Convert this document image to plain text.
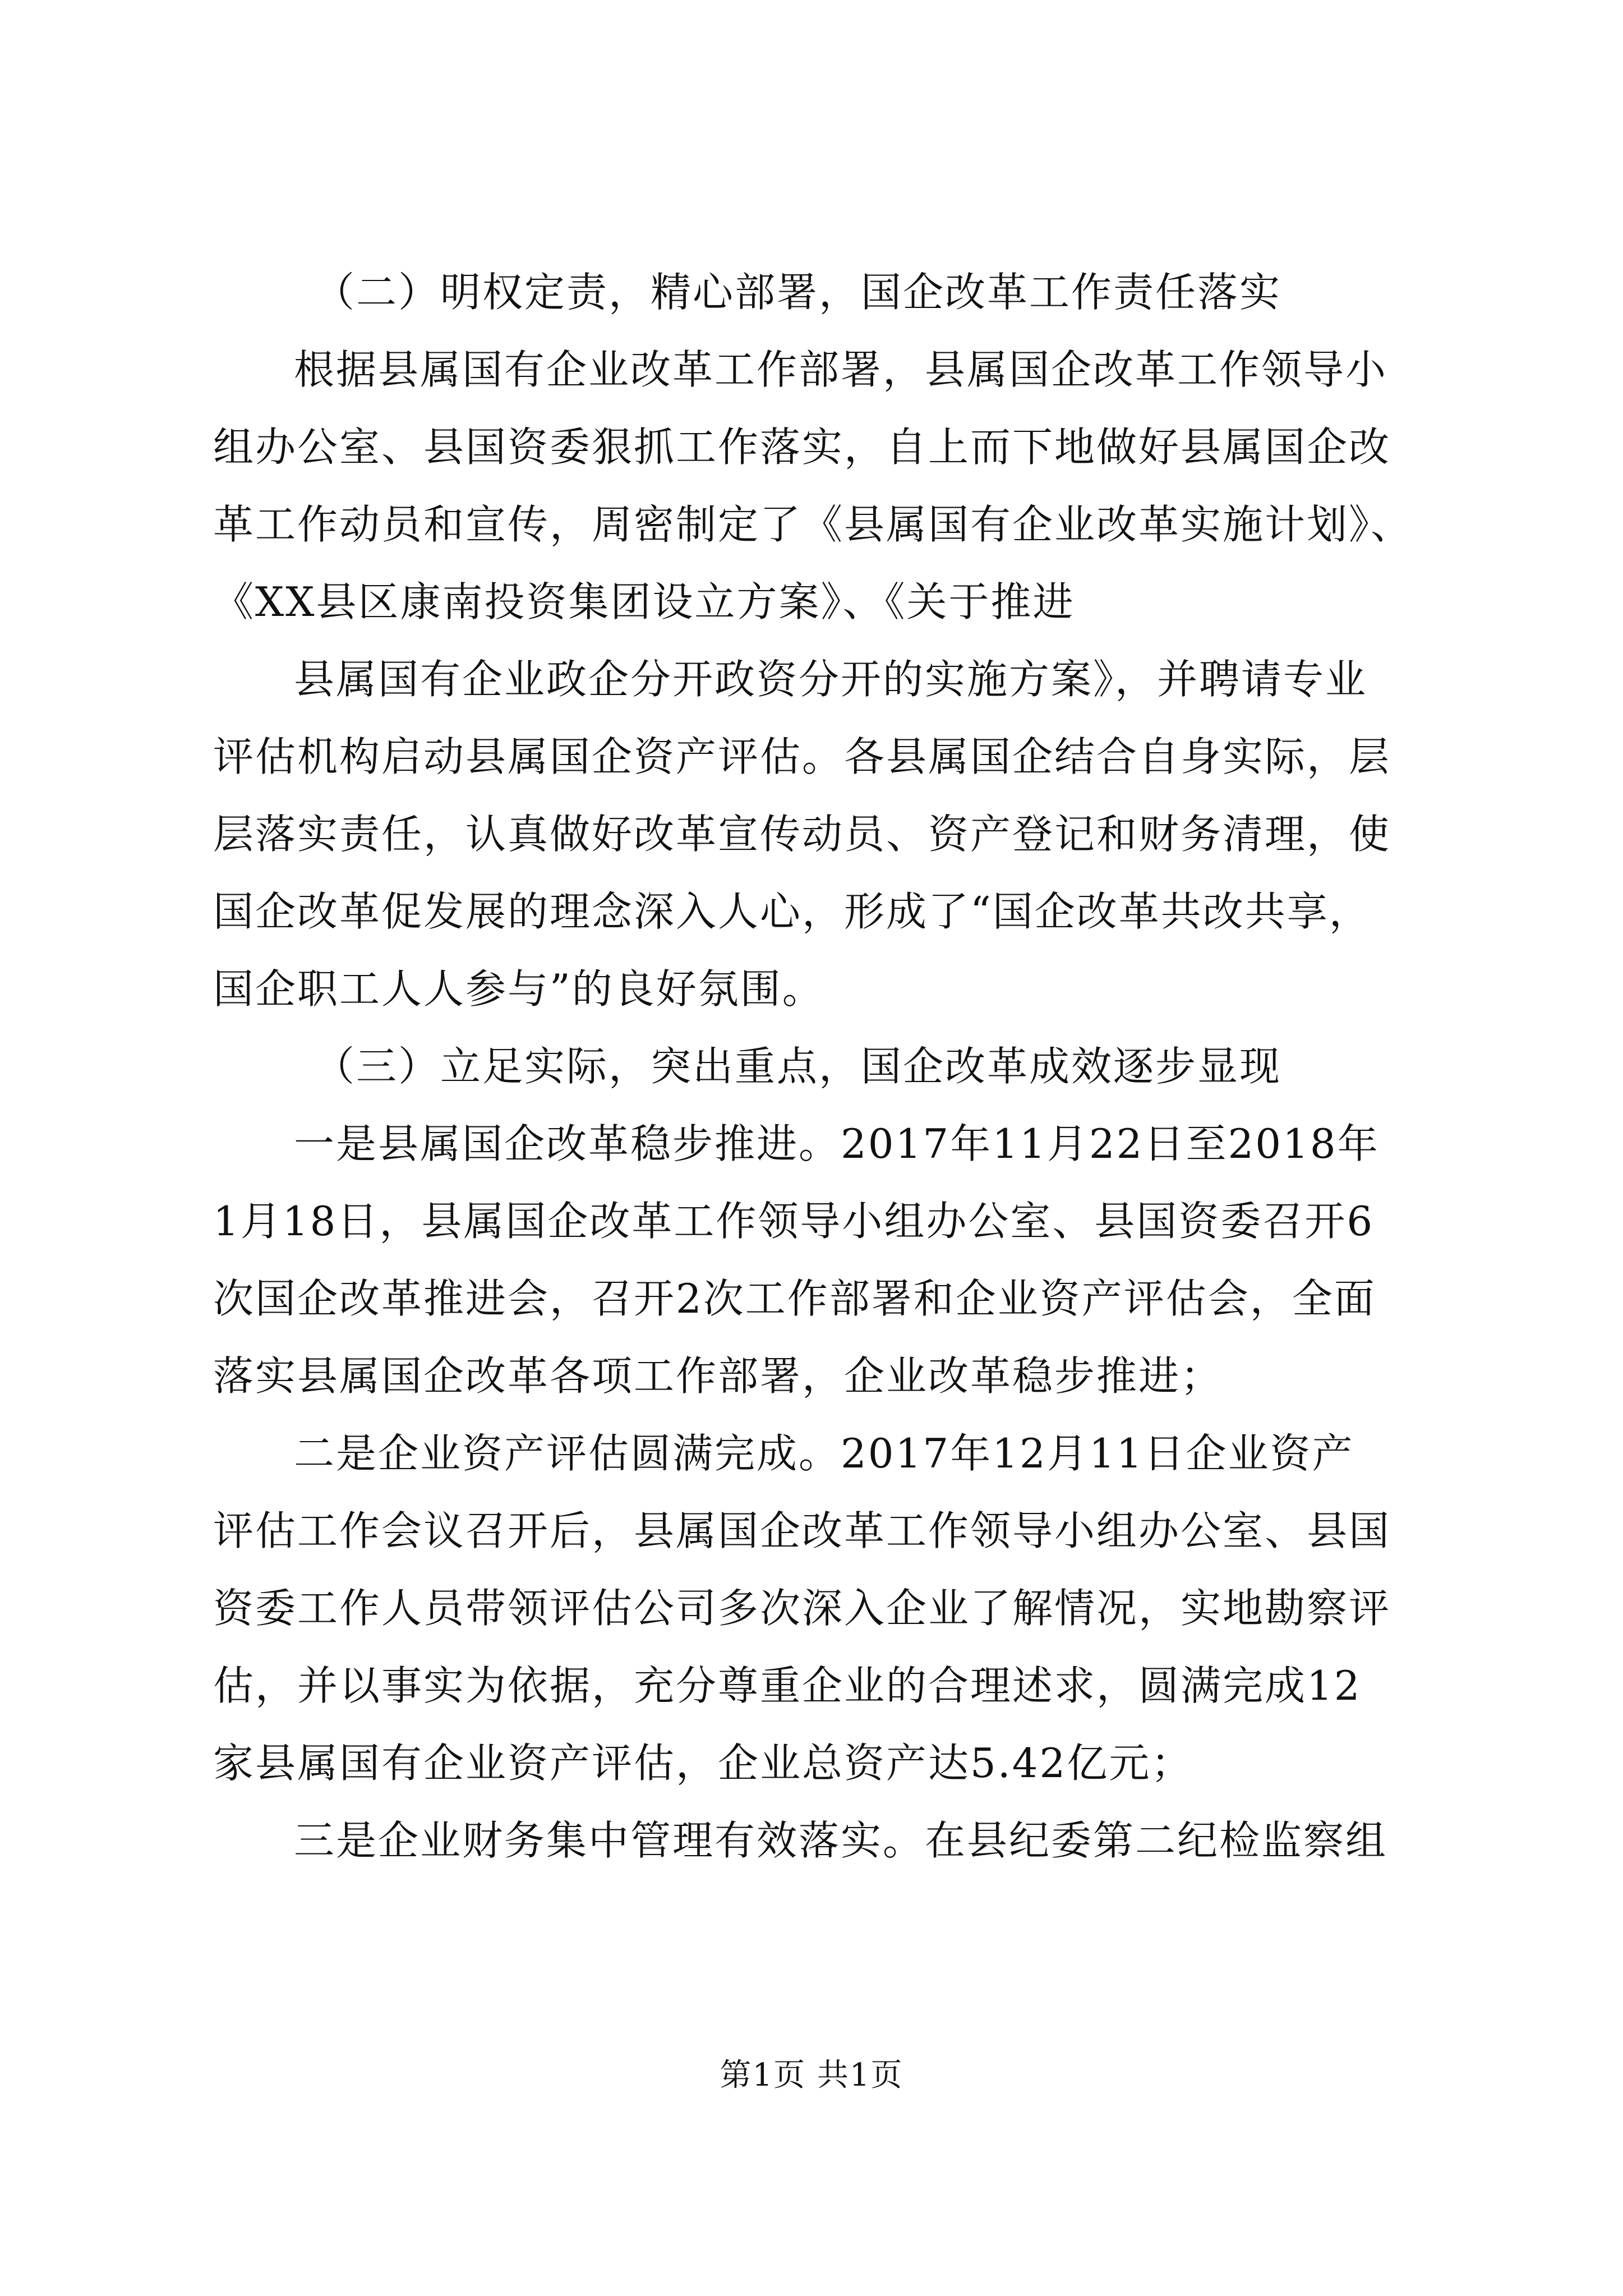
（二）明权定责，精心部署，国企改革工作责任落实
根据县属国有企业改革工作部署，县属国企改革工作领导小
组办公室、县国资委狠抓工作落实，自上而下地做好县属国企改
革工作动员和宣传，周密制定了《县属国有企业改革实施计划》、
《XX县区康南投资集团设立方案》、《关于推进
县属国有企业政企分开政资分开的实施方案》，并聘请专业
评估机构启动县属国企资产评估。各县属国企结合自身实际，层
层落实责任，认真做好改革宣传动员、资产登记和财务清理，使
国企改革促发展的理念深入人心，形成了“国企改革共改共享，
国企职工人人参与”的良好氛围。
（三）立足实际，突出重点，国企改革成效逐步显现
一是县属国企改革稳步推进。2017年11月22日至2018年
1月18日，县属国企改革工作领导小组办公室、县国资委召开6
次国企改革推进会，召开2次工作部署和企业资产评估会，全面
落实县属国企改革各项工作部署，企业改革稳步推进；
二是企业资产评估圆满完成。2017年12月11日企业资产
评估工作会议召开后，县属国企改革工作领导小组办公室、县国
资委工作人员带领评估公司多次深入企业了解情况，实地勘察评
估，并以事实为依据，充分尊重企业的合理述求，圆满完成12
家县属国有企业资产评估，企业总资产达5.42亿元；
三是企业财务集中管理有效落实。在县纪委第二纪检监察组
第1页 共1页
